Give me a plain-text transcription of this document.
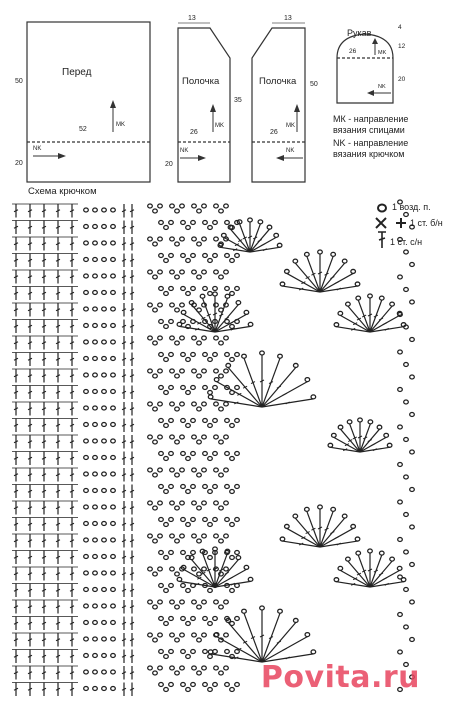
Перед
50
52
20
MK
NK
Полочка
13
26
20
35
MK
NK
Полочка
13
26
50
MK
NK
Рукав
4
12
26
20
MK
NK

МК - направление

вязания спицами

NK - направление

вязания крючком

Схема крючком
1 возд. п.
1 ст. б/н
1 ст. с/н
Povita.ru
